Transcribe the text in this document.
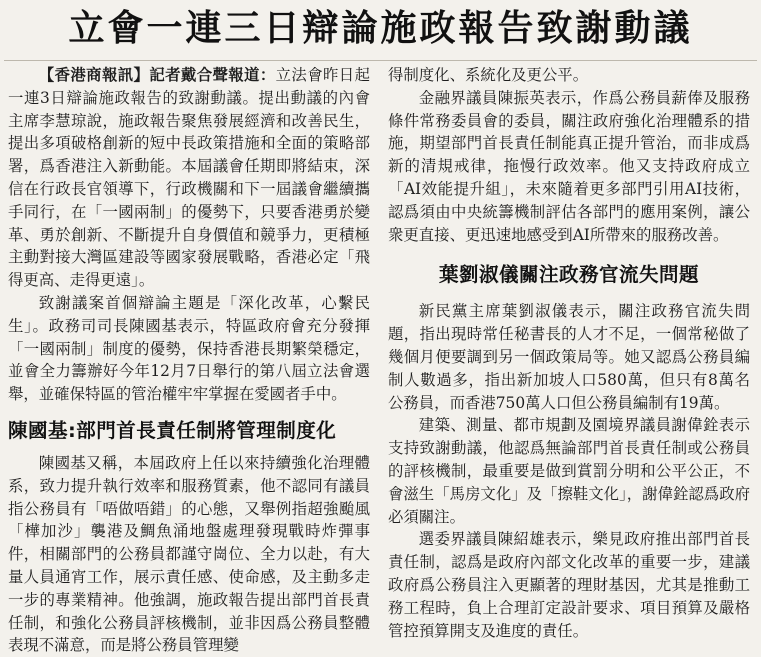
立會一連三日辯論施政報告致謝動議

【香港商報訊】記者戴合聲報道：立法會昨日起一連3日辯論施政報告的致謝動議。提出動議的內會主席李慧琼說，施政報告聚焦發展經濟和改善民生，提出多項破格創新的短中長政策措施和全面的策略部署，爲香港注入新動能。本屆議會任期即將結束，深信在行政長官領導下，行政機關和下一屆議會繼續攜手同行，在「一國兩制」的優勢下，只要香港勇於變革、勇於創新、不斷提升自身價值和競爭力，更積極主動對接大灣區建設等國家發展戰略，香港必定「飛得更高、走得更遠」。

致謝議案首個辯論主題是「深化改革，心繫民生」。政務司司長陳國基表示，特區政府會充分發揮「一國兩制」制度的優勢，保持香港長期繁榮穩定，並會全力籌辦好今年12月7日舉行的第八屆立法會選舉，並確保特區的管治權牢牢掌握在愛國者手中。

陳國基:部門首長責任制將管理制度化

陳國基又稱，本屆政府上任以來持續強化治理體系，致力提升執行效率和服務質素，他不認同有議員指公務員有「唔做唔錯」的心態，又舉例指超強颱風「樺加沙」襲港及鯛魚涌地盤處理發現戰時炸彈事件，相關部門的公務員都謹守崗位、全力以赴，有大量人員通宵工作，展示責任感、使命感，及主動多走一步的專業精神。他強調，施政報告提出部門首長責任制，和強化公務員評核機制，並非因爲公務員整體表現不滿意，而是將公務員管理變

得制度化、系統化及更公平。

金融界議員陳振英表示，作爲公務員薪俸及服務條件常務委員會的委員，關注政府強化治理體系的措施，期望部門首長責任制能真正提升管治，而非成爲新的清規戒律，拖慢行政效率。他又支持政府成立「AI效能提升組」，未來隨着更多部門引用AI技術，認爲須由中央統籌機制評估各部門的應用案例，讓公衆更直接、更迅速地感受到AI所帶來的服務改善。

葉劉淑儀關注政務官流失問題

新民黨主席葉劉淑儀表示，關注政務官流失問題，指出現時常任秘書長的人才不足，一個常秘做了幾個月便要調到另一個政策局等。她又認爲公務員編制人數過多，指出新加坡人口580萬，但只有8萬名公務員，而香港750萬人口但公務員編制有19萬。

建築、測量、都市規劃及園境界議員謝偉銓表示支持致謝動議，他認爲無論部門首長責任制或公務員的評核機制，最重要是做到賞罰分明和公平公正，不會滋生「馬房文化」及「擦鞋文化」，謝偉銓認爲政府必須關注。

選委界議員陳紹雄表示，樂見政府推出部門首長責任制，認爲是政府內部文化改革的重要一步，建議政府爲公務員注入更顯著的理財基因，尤其是推動工務工程時，負上合理訂定設計要求、項目預算及嚴格管控預算開支及進度的責任。
